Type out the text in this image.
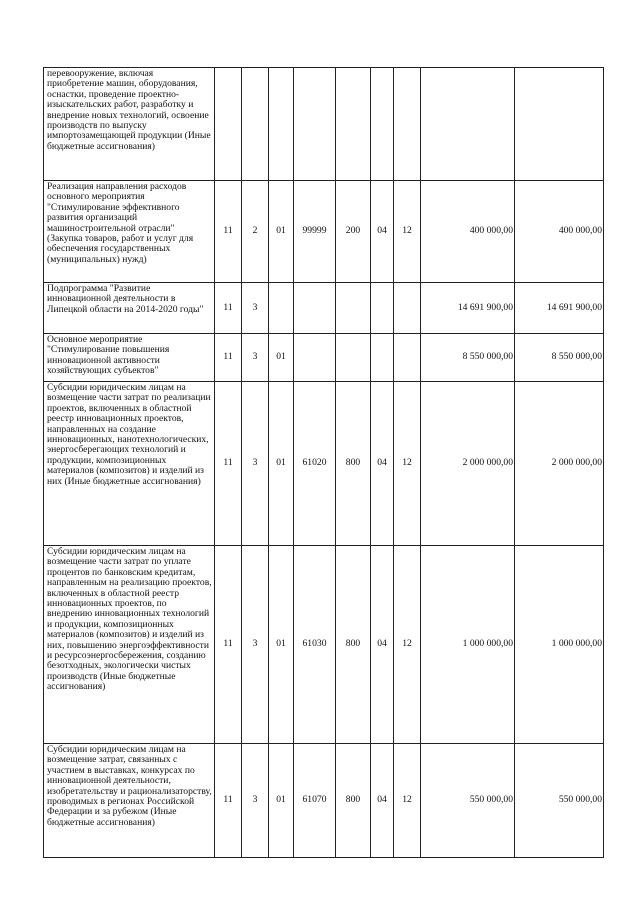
перевооружение, включая приобретение машин, оборудования, оснастки, проведение проектно-изыскательских работ, разработку и внедрение новых технологий, освоение производств по выпуску импортозамещающей продукции (Иные бюджетные ассигнования)									
Реализация направления расходов основного мероприятия "Стимулирование эффективного развития организаций машиностроительной отрасли" (Закупка товаров, работ и услуг для обеспечения государственных (муниципальных) нужд)	11	2	01	99999	200	04	12	400 000,00	400 000,00
Подпрограмма "Развитие инновационной деятельности в Липецкой области на 2014-2020 годы"	11	3						14 691 900,00	14 691 900,00
Основное мероприятие "Стимулирование повышения инновационной активности хозяйствующих субъектов"	11	3	01					8 550 000,00	8 550 000,00
Субсидии юридическим лицам на возмещение части затрат по реализации проектов, включенных в областной реестр инновационных проектов, направленных на создание инновационных, нанотехнологических, энергосберегающих технологий и продукции, композиционных материалов (композитов) и изделий из них (Иные бюджетные ассигнования)	11	3	01	61020	800	04	12	2 000 000,00	2 000 000,00
Субсидии юридическим лицам на возмещение части затрат по уплате процентов по банковским кредитам, направленным на реализацию проектов, включенных в областной реестр инновационных проектов, по внедрению инновационных технологий и продукции, композиционных материалов (композитов) и изделий из них, повышению энергоэффективности и ресурсоэнергосбережения, созданию безотходных, экологически чистых производств (Иные бюджетные ассигнования)	11	3	01	61030	800	04	12	1 000 000,00	1 000 000,00
Субсидии юридическим лицам на возмещение затрат, связанных с участием в выставках, конкурсах по инновационной деятельности, изобретательству и рационализаторству, проводимых в регионах Российской Федерации и за рубежом (Иные бюджетные ассигнования)	11	3	01	61070	800	04	12	550 000,00	550 000,00
